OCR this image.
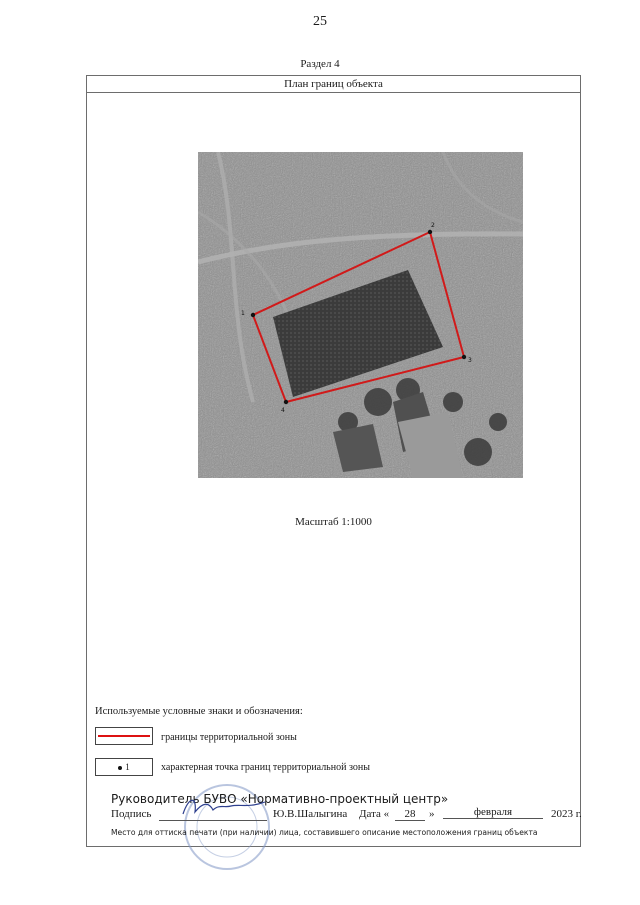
25
Раздел 4
План границ объекта
1
2
3
4
Масштаб 1:1000
Используемые условные знаки и обозначения:
границы территориальной зоны
1	характерная точка границ территориальной зоны
Руководитель БУВО «Нормативно-проектный центр»
Подпись	Ю.В.Шалыгина Дата «	28	»	февраля	2023 г.
Место для оттиска печати (при наличии) лица, составившего описание местоположения границ объекта
